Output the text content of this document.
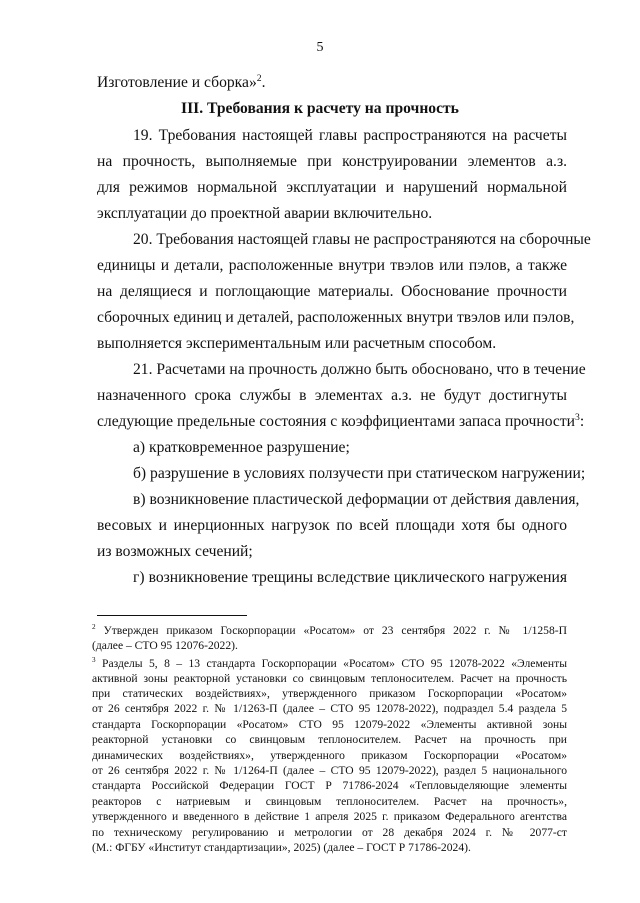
5
Изготовление и сборка»$^2$.
III. Требования к расчету на прочность
19. Требования настоящей главы распространяются на расчеты
на прочность, выполняемые при конструировании элементов а.з.
для режимов нормальной эксплуатации и нарушений нормальной
эксплуатации до проектной аварии включительно.
20. Требования настоящей главы не распространяются на сборочные
единицы и детали, расположенные внутри твэлов или пэлов, а также
на делящиеся и поглощающие материалы. Обоснование прочности
сборочных единиц и деталей, расположенных внутри твэлов или пэлов,
выполняется экспериментальным или расчетным способом.
21. Расчетами на прочность должно быть обосновано, что в течение
назначенного срока службы в элементах а.з. не будут достигнуты
следующие предельные состояния с коэффициентами запаса прочности$^3$:
а) кратковременное разрушение;
б) разрушение в условиях ползучести при статическом нагружении;
в) возникновение пластической деформации от действия давления,
весовых и инерционных нагрузок по всей площади хотя бы одного
из возможных сечений;
г) возникновение трещины вследствие циклического нагружения
$^2$ Утвержден приказом Госкорпорации «Росатом» от 23 сентября 2022 г. № 1/1258-П
(далее – СТО 95 12076-2022).
$^3$ Разделы 5, 8 – 13 стандарта Госкорпорации «Росатом» СТО 95 12078-2022 «Элементы
активной зоны реакторной установки со свинцовым теплоносителем. Расчет на прочность
при статических воздействиях», утвержденного приказом Госкорпорации «Росатом»
от 26 сентября 2022 г. № 1/1263-П (далее – СТО 95 12078-2022), подраздел 5.4 раздела 5
стандарта Госкорпорации «Росатом» СТО 95 12079-2022 «Элементы активной зоны
реакторной установки со свинцовым теплоносителем. Расчет на прочность при
динамических воздействиях», утвержденного приказом Госкорпорации «Росатом»
от 26 сентября 2022 г. № 1/1264-П (далее – СТО 95 12079-2022), раздел 5 национального
стандарта Российской Федерации ГОСТ Р 71786-2024 «Тепловыделяющие элементы
реакторов с натриевым и свинцовым теплоносителем. Расчет на прочность»,
утвержденного и введенного в действие 1 апреля 2025 г. приказом Федерального агентства
по техническому регулированию и метрологии от 28 декабря 2024 г. № 2077-ст
(М.: ФГБУ «Институт стандартизации», 2025) (далее – ГОСТ Р 71786-2024).
